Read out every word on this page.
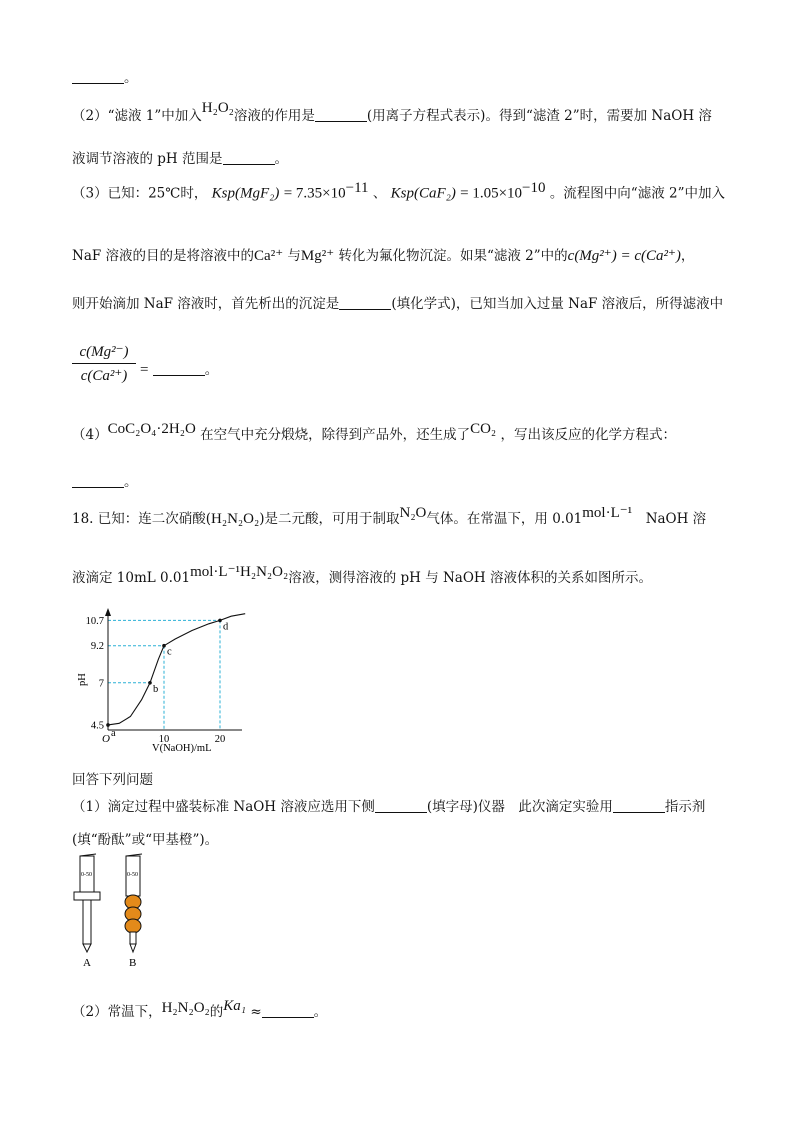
。
（2）“滤液 1”中加入H₂O₂溶液的作用是	(用离子方程式表示)。得到“滤渣 2”时，需要加 NaOH 溶
液调节溶液的 pH 范围是	。
（3）已知：25℃时， $Ksp(MgF_2) = 7.35\times 10^{-11}$ 、 $Ksp(CaF_2) = 1.05\times 10^{-10}$ 。流程图中向“滤液 2”中加入
NaF 溶液的目的是将溶液中的Ca²⁺ 与Mg²⁺ 转化为氟化物沉淀。如果“滤液 2”中的c(Mg²⁺) = c(Ca²⁺)，
则开始滴加 NaF 溶液时，首先析出的沉淀是	(填化学式)，已知当加入过量 NaF 溶液后，所得滤液中
$\frac{\text{c(Mg²⁻)}}{\text{c(Ca²⁺)}}$ =	。
（4）CoC₂O₄·2H₂O 在空气中充分煅烧，除得到产品外，还生成了CO₂ ，写出该反应的化学方程式：
。
18. 已知：连二次硝酸(H₂N₂O₂)是二元酸，可用于制取N₂O气体。在常温下，用 0.01mol·L⁻¹　 NaOH 溶
液滴定 10mL 0.01mol·L⁻¹H₂N₂O₂溶液，测得溶液的 pH 与 NaOH 溶液体积的关系如图所示。
4.5
7
9.2
10.7
10	20
a
b
c
d
O
V(NaOH)/mL
pH
回答下列问题
（1）滴定过程中盛装标准 NaOH 溶液应选用下侧	(填字母)仪器　此次滴定实验用	指示剂
(填“酚酞”或“甲基橙”)。
0-50
A
0-50
B
（2）常温下，H₂N₂O₂的Ka₁ ≈	。
